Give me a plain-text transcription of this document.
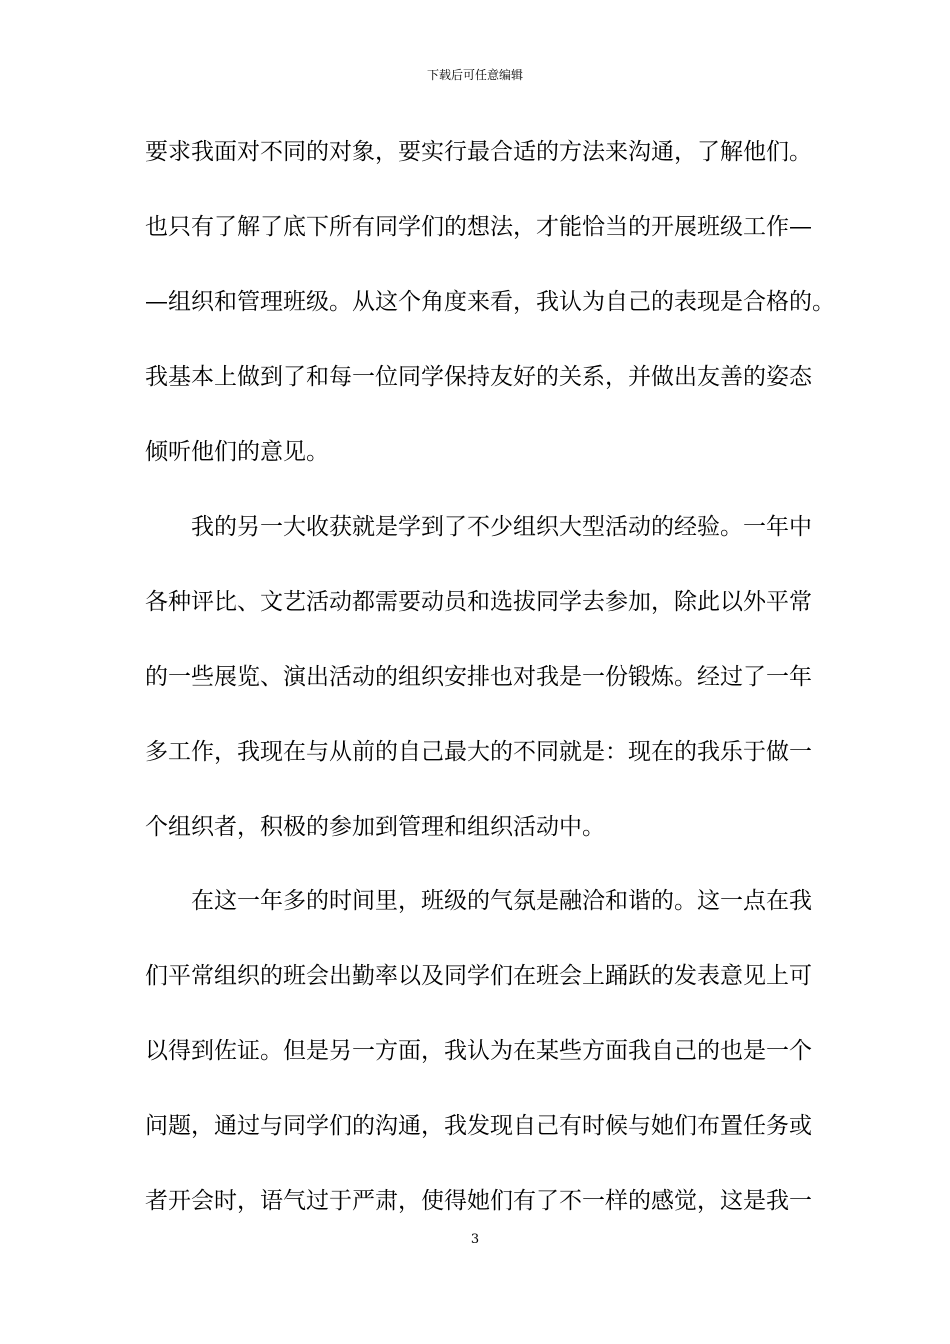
下载后可任意编辑
要求我面对不同的对象，要实行最合适的方法来沟通，了解他们。
也只有了解了底下所有同学们的想法，才能恰当的开展班级工作—
—组织和管理班级。从这个角度来看，我认为自己的表现是合格的。
我基本上做到了和每一位同学保持友好的关系，并做出友善的姿态
倾听他们的意见。
我的另一大收获就是学到了不少组织大型活动的经验。一年中
各种评比、文艺活动都需要动员和选拔同学去参加，除此以外平常
的一些展览、演出活动的组织安排也对我是一份锻炼。经过了一年
多工作，我现在与从前的自己最大的不同就是：现在的我乐于做一
个组织者，积极的参加到管理和组织活动中。
在这一年多的时间里，班级的气氛是融洽和谐的。这一点在我
们平常组织的班会出勤率以及同学们在班会上踊跃的发表意见上可
以得到佐证。但是另一方面，我认为在某些方面我自己的也是一个
问题，通过与同学们的沟通，我发现自己有时候与她们布置任务或
者开会时，语气过于严肃，使得她们有了不一样的感觉，这是我一
3
